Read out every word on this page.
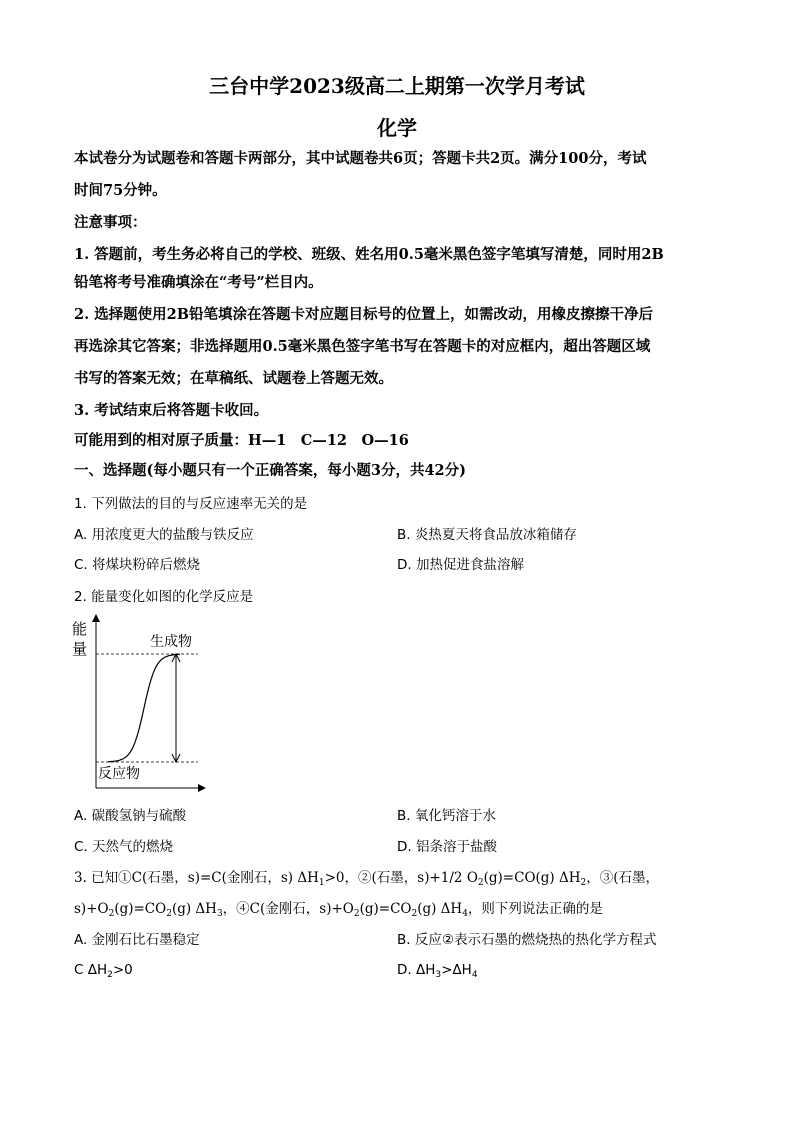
三台中学2023级高二上期第一次学月考试
化学
本试卷分为试题卷和答题卡两部分，其中试题卷共6页；答题卡共2页。满分100分，考试
时间75分钟。
注意事项：
1. 答题前，考生务必将自己的学校、班级、姓名用0.5毫米黑色签字笔填写清楚，同时用2B
铅笔将考号准确填涂在“考号”栏目内。
2. 选择题使用2B铅笔填涂在答题卡对应题目标号的位置上，如需改动，用橡皮擦擦干净后
再选涂其它答案；非选择题用0.5毫米黑色签字笔书写在答题卡的对应框内，超出答题区域
书写的答案无效；在草稿纸、试题卷上答题无效。
3. 考试结束后将答题卡收回。
可能用到的相对原子质量：H—1　C—12　O—16
一、选择题(每小题只有一个正确答案，每小题3分，共42分)
1. 下列做法的目的与反应速率无关的是
A. 用浓度更大的盐酸与铁反应	B. 炎热夏天将食品放冰箱储存
C. 将煤块粉碎后燃烧	D. 加热促进食盐溶解
2. 能量变化如图的化学反应是
能
量	生成物
反应物
A. 碳酸氢钠与硫酸	B. 氧化钙溶于水
C. 天然气的燃烧	D. 铝条溶于盐酸
3. 已知①C(石墨，s)=C(金刚石，s) $\Delta H_1>0$，②(石墨，s)+1/2 $O_2(g)=CO(g)$ $\Delta H_2$，③(石墨，
$s)+O_2(g)=CO_2(g)$ $\Delta H_3$，④C(金刚石，$s)+O_2(g)=CO_2(g)$ $\Delta H_4$，则下列说法正确的是
A. 金刚石比石墨稳定	B. 反应②表示石墨的燃烧热的热化学方程式
C $\Delta H_2>0$	D. $\Delta H_3>\Delta H_4$
